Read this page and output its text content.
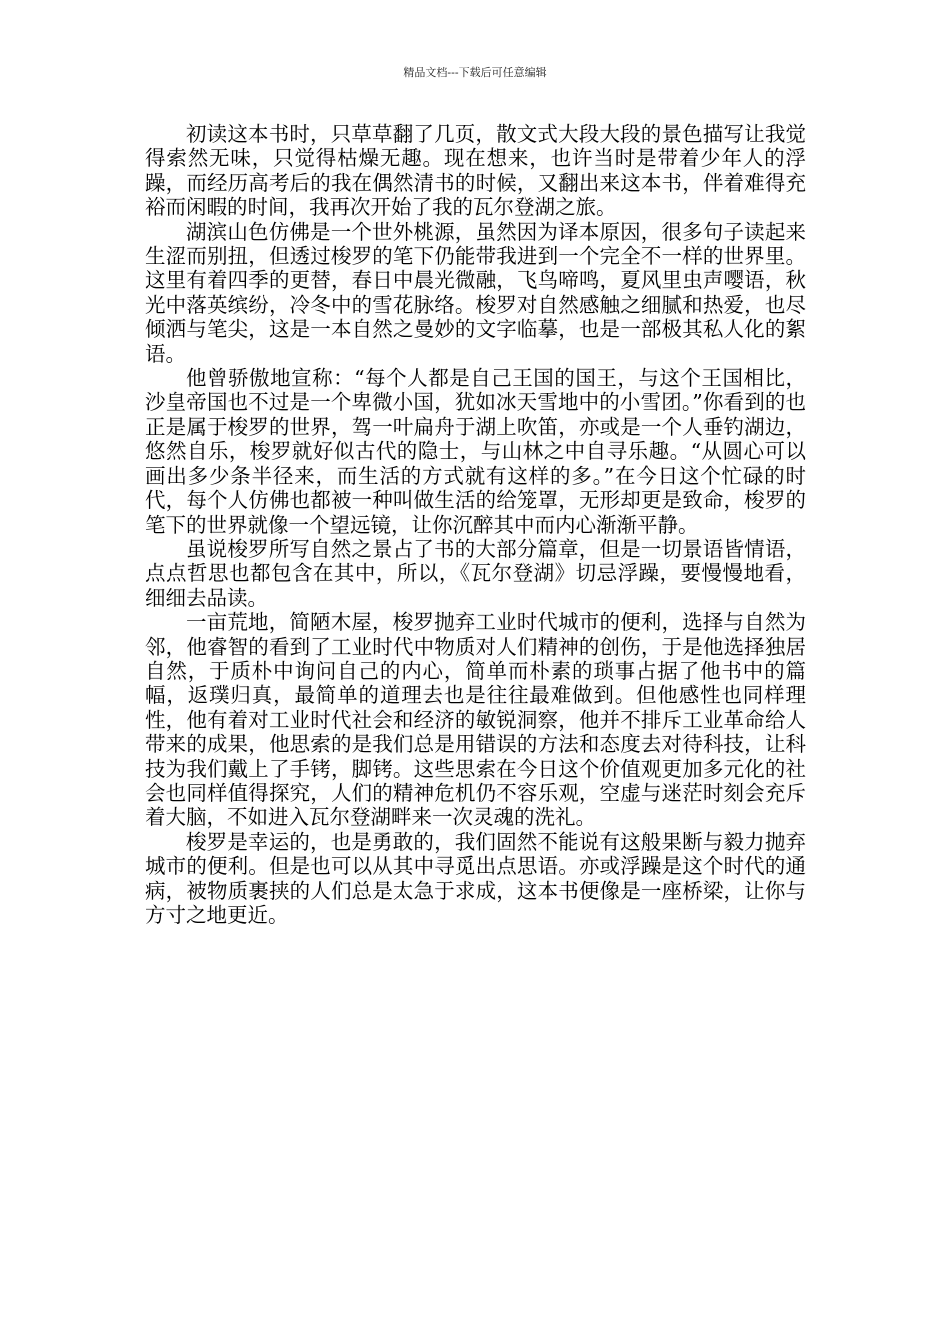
精品文档---下载后可任意编辑

初读这本书时，只草草翻了几页，散文式大段大段的景色描写让我觉得索然无味，只觉得枯燥无趣。现在想来，也许当时是带着少年人的浮躁，而经历高考后的我在偶然清书的时候，又翻出来这本书，伴着难得充裕而闲暇的时间，我再次开始了我的瓦尔登湖之旅。

湖滨山色仿佛是一个世外桃源，虽然因为译本原因，很多句子读起来生涩而别扭，但透过梭罗的笔下仍能带我进到一个完全不一样的世界里。这里有着四季的更替，春日中晨光微融，飞鸟啼鸣，夏风里虫声嘤语，秋光中落英缤纷，冷冬中的雪花脉络。梭罗对自然感触之细腻和热爱，也尽倾洒与笔尖，这是一本自然之曼妙的文字临摹，也是一部极其私人化的絮语。

他曾骄傲地宣称：“每个人都是自己王国的国王，与这个王国相比，沙皇帝国也不过是一个卑微小国，犹如冰天雪地中的小雪团。”你看到的也正是属于梭罗的世界，驾一叶扁舟于湖上吹笛，亦或是一个人垂钓湖边，悠然自乐，梭罗就好似古代的隐士，与山林之中自寻乐趣。“从圆心可以画出多少条半径来，而生活的方式就有这样的多。”在今日这个忙碌的时代，每个人仿佛也都被一种叫做生活的给笼罩，无形却更是致命，梭罗的笔下的世界就像一个望远镜，让你沉醉其中而内心渐渐平静。

虽说梭罗所写自然之景占了书的大部分篇章，但是一切景语皆情语，点点哲思也都包含在其中，所以，《瓦尔登湖》切忌浮躁，要慢慢地看，细细去品读。

一亩荒地，简陋木屋，梭罗抛弃工业时代城市的便利，选择与自然为邻，他睿智的看到了工业时代中物质对人们精神的创伤，于是他选择独居自然，于质朴中询问自己的内心，简单而朴素的琐事占据了他书中的篇幅，返璞归真，最简单的道理去也是往往最难做到。但他感性也同样理性，他有着对工业时代社会和经济的敏锐洞察，他并不排斥工业革命给人带来的成果，他思索的是我们总是用错误的方法和态度去对待科技，让科技为我们戴上了手铐，脚铐。这些思索在今日这个价值观更加多元化的社会也同样值得探究，人们的精神危机仍不容乐观，空虚与迷茫时刻会充斥着大脑，不如进入瓦尔登湖畔来一次灵魂的洗礼。

梭罗是幸运的，也是勇敢的，我们固然不能说有这般果断与毅力抛弃城市的便利。但是也可以从其中寻觅出点思语。亦或浮躁是这个时代的通病，被物质裹挟的人们总是太急于求成，这本书便像是一座桥梁，让你与方寸之地更近。
